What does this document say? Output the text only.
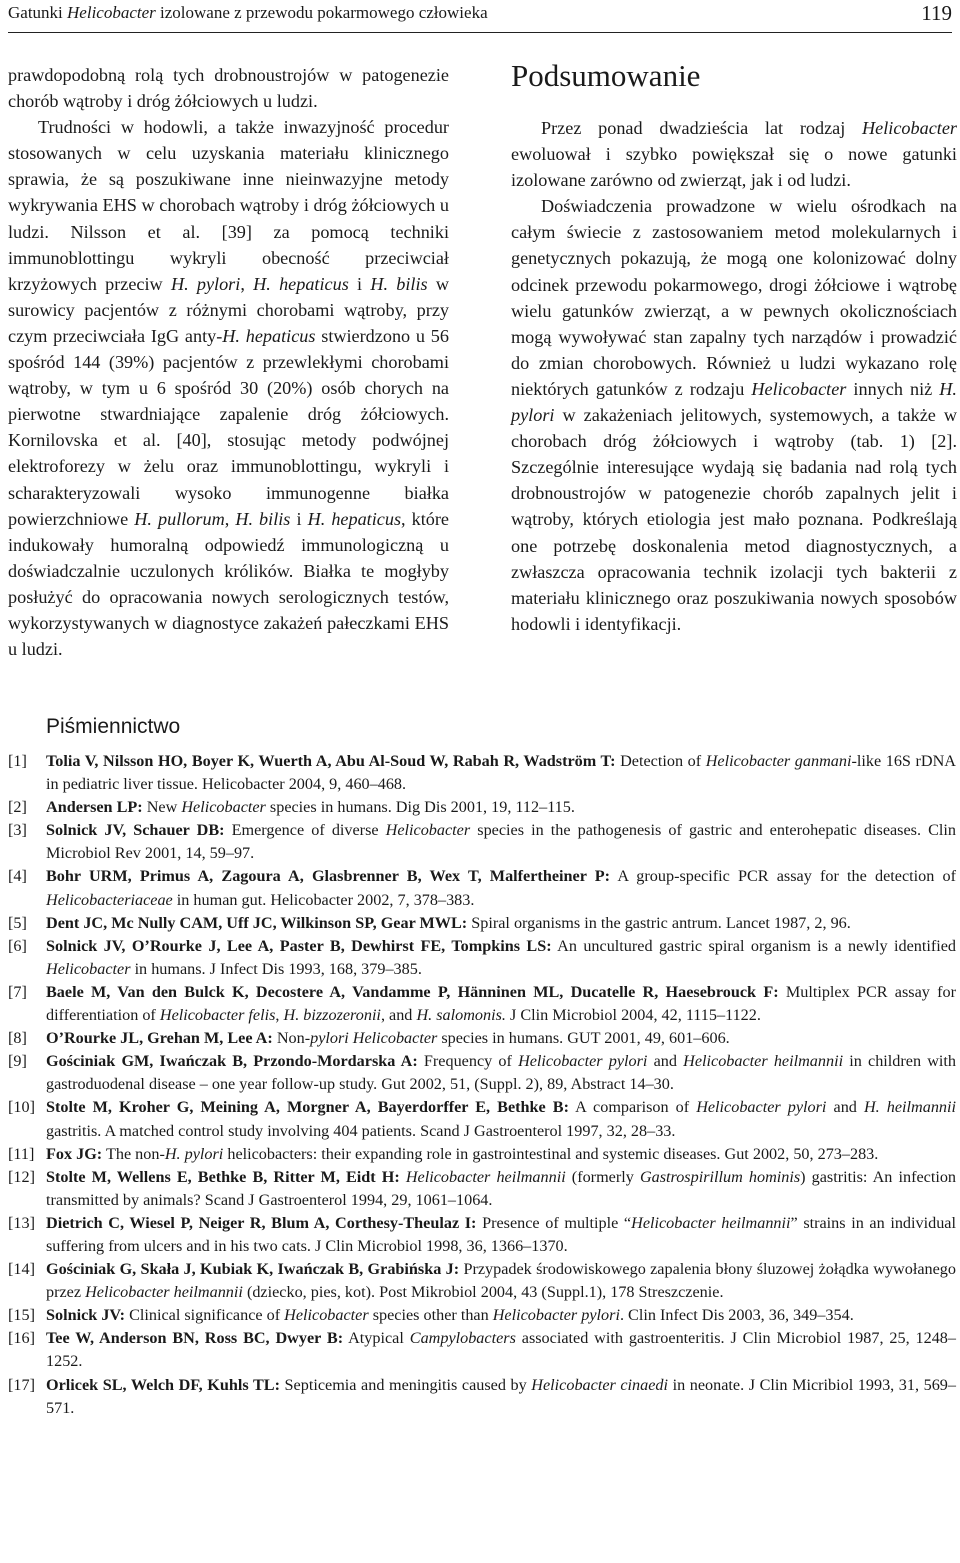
Gatunki Helicobacter izolowane z przewodu pokarmowego człowieka	119

prawdopodobną rolą tych drobnoustrojów w patogenezie chorób wątroby i dróg żółciowych u ludzi.

Trudności w hodowli, a także inwazyjność procedur stosowanych w celu uzyskania materiału klinicznego sprawia, że są poszukiwane inne nieinwazyjne metody wykrywania EHS w chorobach wątroby i dróg żółciowych u ludzi. Nilsson et al. [39] za pomocą techniki immunoblottingu wykryli obecność przeciwciał krzyżowych przeciw H. pylori, H. hepaticus i H. bilis w surowicy pacjentów z różnymi chorobami wątroby, przy czym przeciwciała IgG anty-H. hepaticus stwierdzono u 56 spośród 144 (39%) pacjentów z przewlekłymi chorobami wątroby, w tym u 6 spośród 30 (20%) osób chorych na pierwotne stwardniające zapalenie dróg żółciowych. Kornilovska et al. [40], stosując metody podwójnej elektroforezy w żelu oraz immunoblottingu, wykryli i scharakteryzowali wysoko immunogenne białka powierzchniowe H. pullorum, H. bilis i H. hepaticus, które indukowały humoralną odpowiedź immunologiczną u doświadczalnie uczulonych królików. Białka te mogłyby posłużyć do opracowania nowych serologicznych testów, wykorzystywanych w diagnostyce zakażeń pałeczkami EHS u ludzi.

Podsumowanie

Przez ponad dwadzieścia lat rodzaj Helicobacter ewoluował i szybko powiększał się o nowe gatunki izolowane zarówno od zwierząt, jak i od ludzi.

Doświadczenia prowadzone w wielu ośrodkach na całym świecie z zastosowaniem metod molekularnych i genetycznych pokazują, że mogą one kolonizować dolny odcinek przewodu pokarmowego, drogi żółciowe i wątrobę wielu gatunków zwierząt, a w pewnych okolicznościach mogą wywoływać stan zapalny tych narządów i prowadzić do zmian chorobowych. Również u ludzi wykazano rolę niektórych gatunków z rodzaju Helicobacter innych niż H. pylori w zakażeniach jelitowych, systemowych, a także w chorobach dróg żółciowych i wątroby (tab. 1) [2]. Szczególnie interesujące wydają się badania nad rolą tych drobnoustrojów w patogenezie chorób zapalnych jelit i wątroby, których etiologia jest mało poznana. Podkreślają one potrzebę doskonalenia metod diagnostycznych, a zwłaszcza opracowania technik izolacji tych bakterii z materiału klinicznego oraz poszukiwania nowych sposobów hodowli i identyfikacji.

Piśmiennictwo
[1] Tolia V, Nilsson HO, Boyer K, Wuerth A, Abu Al-Soud W, Rabah R, Wadström T: Detection of Helicobacter ganmani-like 16S rDNA in pediatric liver tissue. Helicobacter 2004, 9, 460–468.
[2] Andersen LP: New Helicobacter species in humans. Dig Dis 2001, 19, 112–115.
[3] Solnick JV, Schauer DB: Emergence of diverse Helicobacter species in the pathogenesis of gastric and enterohepatic diseases. Clin Microbiol Rev 2001, 14, 59–97.
[4] Bohr URM, Primus A, Zagoura A, Glasbrenner B, Wex T, Malfertheiner P: A group-specific PCR assay for the detection of Helicobacteriaceae in human gut. Helicobacter 2002, 7, 378–383.
[5] Dent JC, Mc Nully CAM, Uff JC, Wilkinson SP, Gear MWL: Spiral organisms in the gastric antrum. Lancet 1987, 2, 96.
[6] Solnick JV, O’Rourke J, Lee A, Paster B, Dewhirst FE, Tompkins LS: An uncultured gastric spiral organism is a newly identified Helicobacter in humans. J Infect Dis 1993, 168, 379–385.
[7] Baele M, Van den Bulck K, Decostere A, Vandamme P, Hänninen ML, Ducatelle R, Haesebrouck F: Multiplex PCR assay for differentiation of Helicobacter felis, H. bizzozeronii, and H. salomonis. J Clin Microbiol 2004, 42, 1115–1122.
[8] O’Rourke JL, Grehan M, Lee A: Non-pylori Helicobacter species in humans. GUT 2001, 49, 601–606.
[9] Gościniak GM, Iwańczak B, Przondo-Mordarska A: Frequency of Helicobacter pylori and Helicobacter heilmannii in children with gastroduodenal disease – one year follow-up study. Gut 2002, 51, (Suppl. 2), 89, Abstract 14–30.
[10] Stolte M, Kroher G, Meining A, Morgner A, Bayerdorffer E, Bethke B: A comparison of Helicobacter pylori and H. heilmannii gastritis. A matched control study involving 404 patients. Scand J Gastroenterol 1997, 32, 28–33.
[11] Fox JG: The non-H. pylori helicobacters: their expanding role in gastrointestinal and systemic diseases. Gut 2002, 50, 273–283.
[12] Stolte M, Wellens E, Bethke B, Ritter M, Eidt H: Helicobacter heilmannii (formerly Gastrospirillum hominis) gastritis: An infection transmitted by animals? Scand J Gastroenterol 1994, 29, 1061–1064.
[13] Dietrich C, Wiesel P, Neiger R, Blum A, Corthesy-Theulaz I: Presence of multiple “Helicobacter heilmannii” strains in an individual suffering from ulcers and in his two cats. J Clin Microbiol 1998, 36, 1366–1370.
[14] Gościniak G, Skała J, Kubiak K, Iwańczak B, Grabińska J: Przypadek środowiskowego zapalenia błony śluzowej żołądka wywołanego przez Helicobacter heilmannii (dziecko, pies, kot). Post Mikrobiol 2004, 43 (Suppl.1), 178 Streszczenie.
[15] Solnick JV: Clinical significance of Helicobacter species other than Helicobacter pylori. Clin Infect Dis 2003, 36, 349–354.
[16] Tee W, Anderson BN, Ross BC, Dwyer B: Atypical Campylobacters associated with gastroenteritis. J Clin Microbiol 1987, 25, 1248–1252.
[17] Orlicek SL, Welch DF, Kuhls TL: Septicemia and meningitis caused by Helicobacter cinaedi in neonate. J Clin Micribiol 1993, 31, 569–571.
